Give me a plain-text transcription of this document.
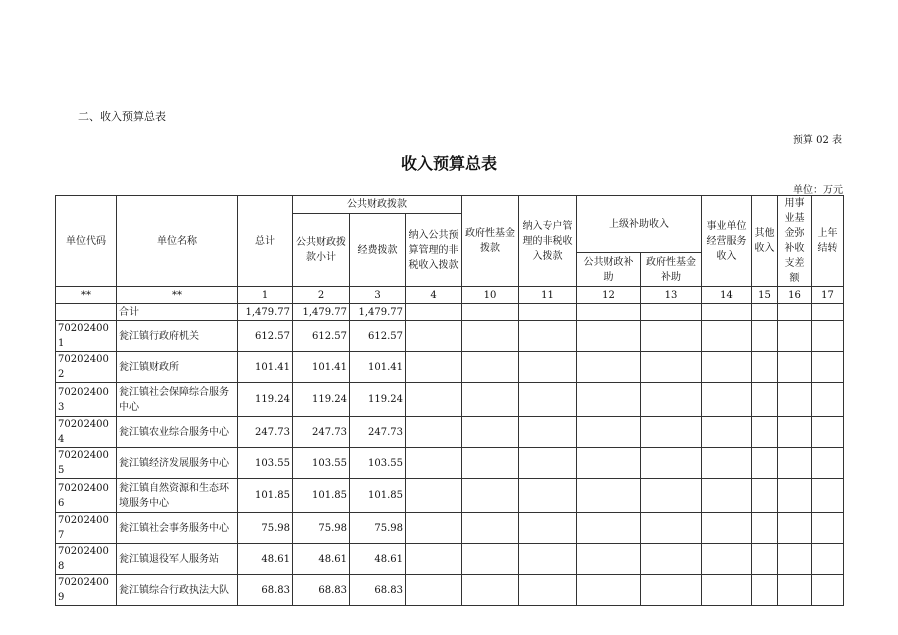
二、收入预算总表
预算 02 表
收入预算总表
单位：万元
单位代码	单位名称	总计	公共财政拨款			政府性基金拨款	纳入专户管理的非税收入拨款	上级补助收入		事业单位经营服务收入	其他收入	用事业基金弥补收支差额	上年结转
			公共财政拨款小计	经费拨款	纳入公共预算管理的非税收入拨款								
								公共财政补助	政府性基金补助				
**	**	1	2	3	4	10	11	12	13	14	15	16	17
	合计	1,479.77	1,479.77	1,479.77									
702024001	瓮江镇行政府机关	612.57	612.57	612.57									
702024002	瓮江镇财政所	101.41	101.41	101.41									
702024003	瓮江镇社会保障综合服务中心	119.24	119.24	119.24									
702024004	瓮江镇农业综合服务中心	247.73	247.73	247.73									
702024005	瓮江镇经济发展服务中心	103.55	103.55	103.55									
702024006	瓮江镇自然资源和生态环境服务中心	101.85	101.85	101.85									
702024007	瓮江镇社会事务服务中心	75.98	75.98	75.98									
702024008	瓮江镇退役军人服务站	48.61	48.61	48.61									
702024009	瓮江镇综合行政执法大队	68.83	68.83	68.83									
